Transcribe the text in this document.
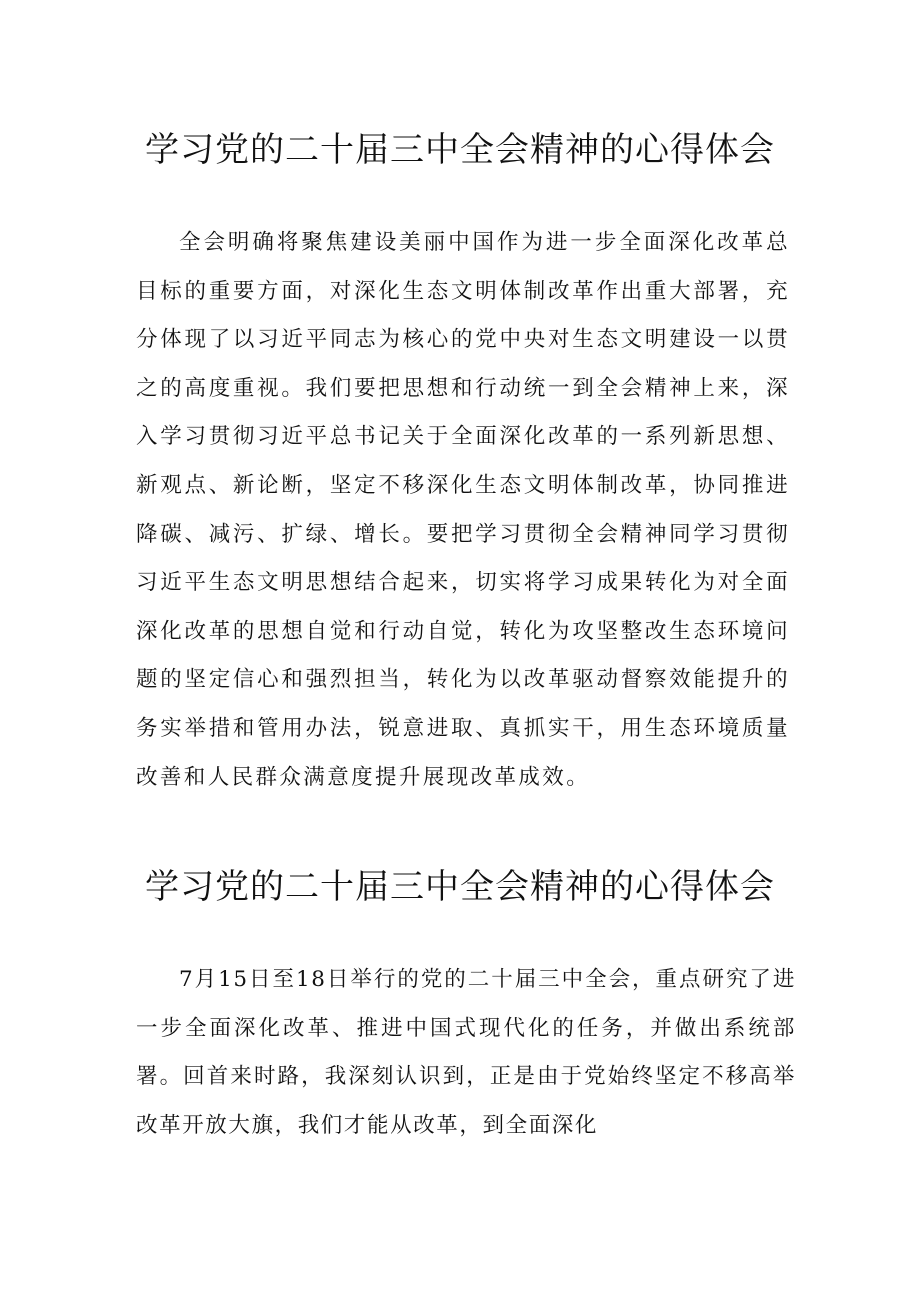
学习党的二十届三中全会精神的心得体会

全会明确将聚焦建设美丽中国作为进一步全面深化改革总目标的重要方面，对深化生态文明体制改革作出重大部署，充分体现了以习近平同志为核心的党中央对生态文明建设一以贯之的高度重视。我们要把思想和行动统一到全会精神上来，深入学习贯彻习近平总书记关于全面深化改革的一系列新思想、新观点、新论断，坚定不移深化生态文明体制改革，协同推进降碳、减污、扩绿、增长。要把学习贯彻全会精神同学习贯彻习近平生态文明思想结合起来，切实将学习成果转化为对全面深化改革的思想自觉和行动自觉，转化为攻坚整改生态环境问题的坚定信心和强烈担当，转化为以改革驱动督察效能提升的务实举措和管用办法，锐意进取、真抓实干，用生态环境质量改善和人民群众满意度提升展现改革成效。

学习党的二十届三中全会精神的心得体会

7月15日至18日举行的党的二十届三中全会，重点研究了进一步全面深化改革、推进中国式现代化的任务，并做出系统部署。回首来时路，我深刻认识到，正是由于党始终坚定不移高举改革开放大旗，我们才能从改革，到全面深化
